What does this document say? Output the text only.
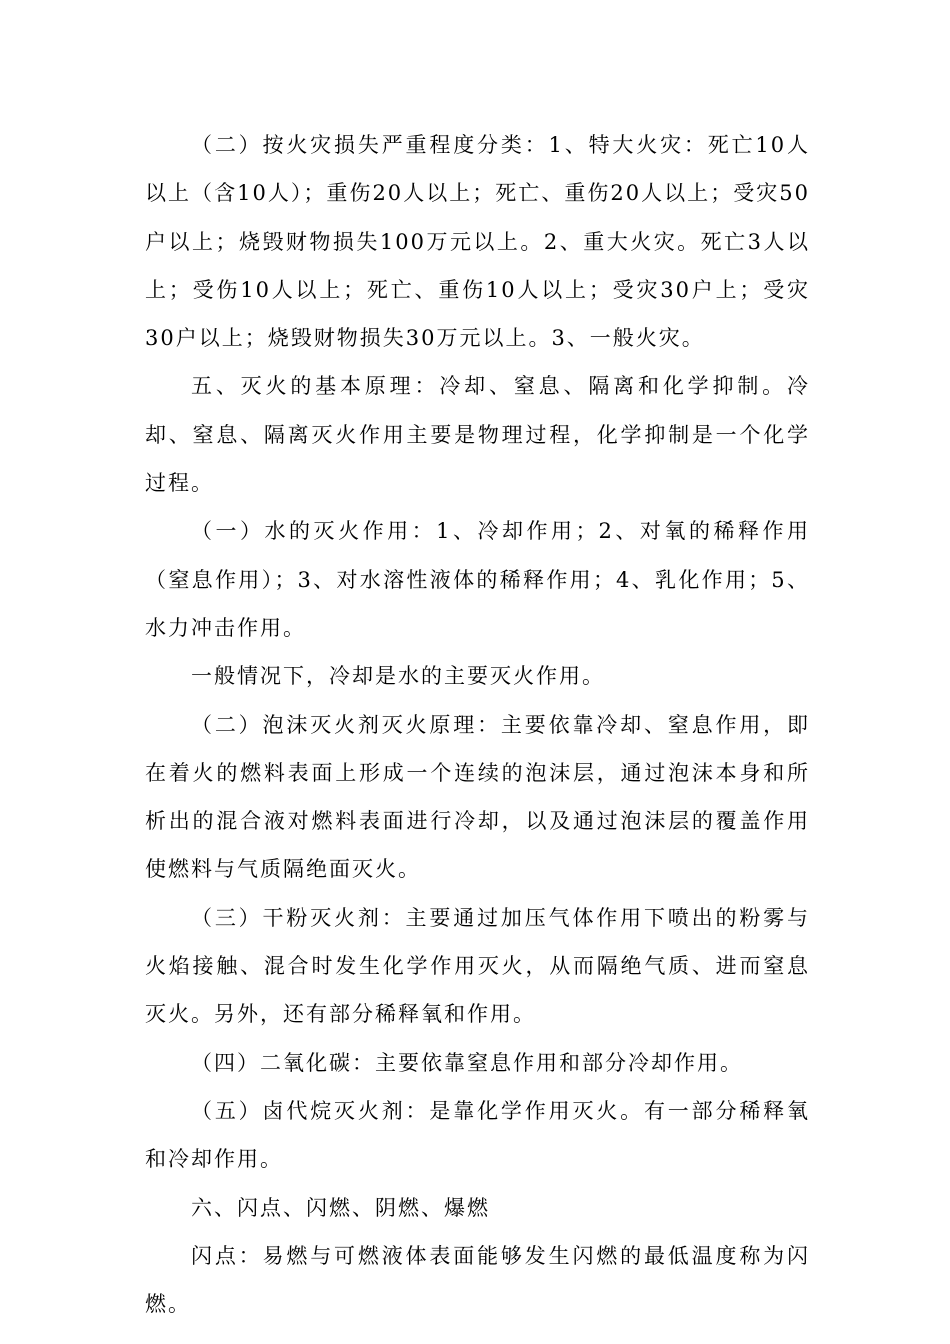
（二）按火灾损失严重程度分类：1、特大火灾：死亡10人以上（含10人）；重伤20人以上；死亡、重伤20人以上；受灾50户以上；烧毁财物损失100万元以上。2、重大火灾。死亡3人以上；受伤10人以上；死亡、重伤10人以上；受灾30户上；受灾30户以上；烧毁财物损失30万元以上。3、一般火灾。

五、灭火的基本原理：冷却、窒息、隔离和化学抑制。冷却、窒息、隔离灭火作用主要是物理过程，化学抑制是一个化学过程。

（一）水的灭火作用：1、冷却作用；2、对氧的稀释作用（窒息作用）；3、对水溶性液体的稀释作用；4、乳化作用；5、水力冲击作用。

一般情况下，冷却是水的主要灭火作用。

（二）泡沫灭火剂灭火原理：主要依靠冷却、窒息作用，即在着火的燃料表面上形成一个连续的泡沫层，通过泡沫本身和所析出的混合液对燃料表面进行冷却，以及通过泡沫层的覆盖作用使燃料与气质隔绝面灭火。

（三）干粉灭火剂：主要通过加压气体作用下喷出的粉雾与火焰接触、混合时发生化学作用灭火，从而隔绝气质、进而窒息灭火。另外，还有部分稀释氧和作用。

（四）二氧化碳：主要依靠窒息作用和部分冷却作用。

（五）卤代烷灭火剂：是靠化学作用灭火。有一部分稀释氧和冷却作用。

六、闪点、闪燃、阴燃、爆燃

闪点：易燃与可燃液体表面能够发生闪燃的最低温度称为闪燃。
